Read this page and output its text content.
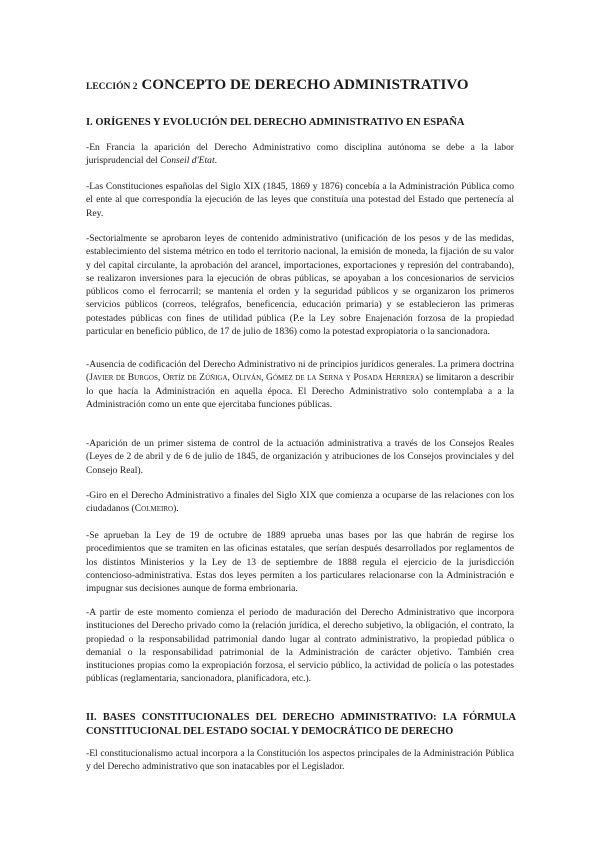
LECCIÓN 2 CONCEPTO DE DERECHO ADMINISTRATIVO
I. ORÍGENES Y EVOLUCIÓN DEL DERECHO ADMINISTRATIVO EN ESPAÑA
-En Francia la aparición del Derecho Administrativo como disciplina autónoma se debe a la labor jurisprudencial del Conseil d'Etat.
-Las Constituciones españolas del Siglo XIX (1845, 1869 y 1876) concebía a la Administración Pública como el ente al que correspondía la ejecución de las leyes que constituía una potestad del Estado que pertenecía al Rey.
-Sectorialmente se aprobaron leyes de contenido administrativo (unificación de los pesos y de las medidas, establecimiento del sistema métrico en todo el territorio nacional, la emisión de moneda, la fijación de su valor y del capital circulante, la aprobación del arancel, importaciones, exportaciones y represión del contrabando), se realizaron inversiones para la ejecución de obras públicas, se apoyaban a los concesionarios de servicios públicos como el ferrocarril; se mantenía el orden y la seguridad públicos y se organizaron los primeros servicios públicos (correos, telégrafos, beneficencia, educación primaria) y se establecieron las primeras potestades públicas con fines de utilidad pública (P.e la Ley sobre Enajenación forzosa de la propiedad particular en beneficio público, de 17 de julio de 1836) como la potestad expropiatoria o la sancionadora.
-Ausencia de codificación del Derecho Administrativo ni de principios jurídicos generales. La primera doctrina (Javier de Burgos, Ortíz de Zúñiga, Oliván, Gómez de la Serna y Posada Herrera) se limitaron a describir lo que hacía la Administración en aquella época. El Derecho Administrativo solo contemplaba a a la Administración como un ente que ejercitaba funciones públicas.
-Aparición de un primer sistema de control de la actuación administrativa a través de los Consejos Reales (Leyes de 2 de abril y de 6 de julio de 1845, de organización y atribuciones de los Consejos provinciales y del Consejo Real).
-Giro en el Derecho Administrativo a finales del Siglo XIX que comienza a ocuparse de las relaciones con los ciudadanos (Colmeiro).
-Se aprueban la Ley de 19 de octubre de 1889 aprueba unas bases por las que habrán de regirse los procedimientos que se tramiten en las oficinas estatales, que serían después desarrollados por reglamentos de los distintos Ministerios y la Ley de 13 de septiembre de 1888 regula el ejercicio de la jurisdicción contencioso-administrativa. Estas dos leyes permiten a los particulares relacionarse con la Administración e impugnar sus decisiones aunque de forma embrionaria.
-A partir de este momento comienza el periodo de maduración del Derecho Administrativo que incorpora instituciones del Derecho privado como la (relación jurídica, el derecho subjetivo, la obligación, el contrato, la propiedad o la responsabilidad patrimonial dando lugar al contrato administrativo, la propiedad pública o demanial o la responsabilidad patrimonial de la Administración de carácter objetivo. También crea instituciones propias como la expropiación forzosa, el servicio público, la actividad de policía o las potestades públicas (reglamentaria, sancionadora, planificadora, etc.).
II. BASES CONSTITUCIONALES DEL DERECHO ADMINISTRATIVO: LA FÓRMULA CONSTITUCIONAL DEL ESTADO SOCIAL Y DEMOCRÁTICO DE DERECHO
-El constitucionalismo actual incorpora a la Constitución los aspectos principales de la Administración Pública y del Derecho administrativo que son inatacables por el Legislador.
